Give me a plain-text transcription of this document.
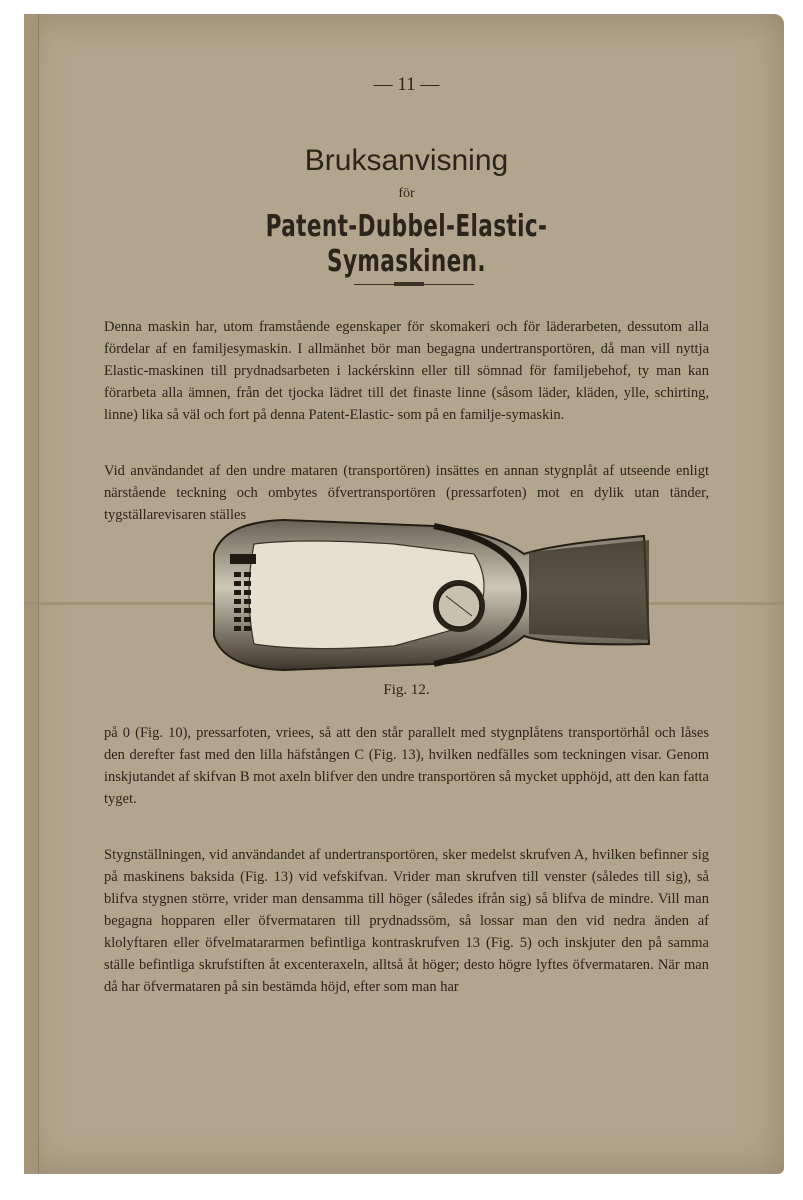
— 11 —
Bruksanvisning
för
Patent-Dubbel-Elastic-Symaskinen.

Denna maskin har, utom framstående egenskaper för skomakeri och för läderarbeten, dessutom alla fördelar af en familjesymaskin. I allmänhet bör man begagna undertransportören, då man vill nyttja Elastic-maskinen till prydnadsarbeten i lackérskinn eller till sömnad för familjebehof, ty man kan förarbeta alla ämnen, från det tjocka lädret till det finaste linne (såsom läder, kläden, ylle, schirting, linne) lika så väl och fort på denna Patent-Elastic- som på en familje-symaskin.

Vid användandet af den undre mataren (transportören) insättes en annan stygnplåt af utseende enligt närstående teckning och ombytes öfvertransportören (pressarfoten) mot en dylik utan tänder, tygställarevisaren ställes

Fig. 12.

på 0 (Fig. 10), pressarfoten, vriees, så att den står parallelt med stygnplåtens transportörhål och låses den derefter fast med den lilla häfstången C (Fig. 13), hvilken nedfälles som teckningen visar. Genom inskjutandet af skifvan B mot axeln blifver den undre transportören så mycket upphöjd, att den kan fatta tyget.

Stygnställningen, vid användandet af undertransportören, sker medelst skrufven A, hvilken befinner sig på maskinens baksida (Fig. 13) vid vefskifvan. Vrider man skrufven till venster (således till sig), så blifva stygnen större, vrider man densamma till höger (således ifrån sig) så blifva de mindre. Vill man begagna hopparen eller öfvermataren till prydnadssöm, så lossar man den vid nedra änden af klolyftaren eller öfvelmatararmen befintliga kontraskrufven 13 (Fig. 5) och inskjuter den på samma ställe befintliga skrufstiften åt excenteraxeln, alltså åt höger; desto högre lyftes öfvermataren. När man då har öfvermataren på sin bestämda höjd, efter som man har
